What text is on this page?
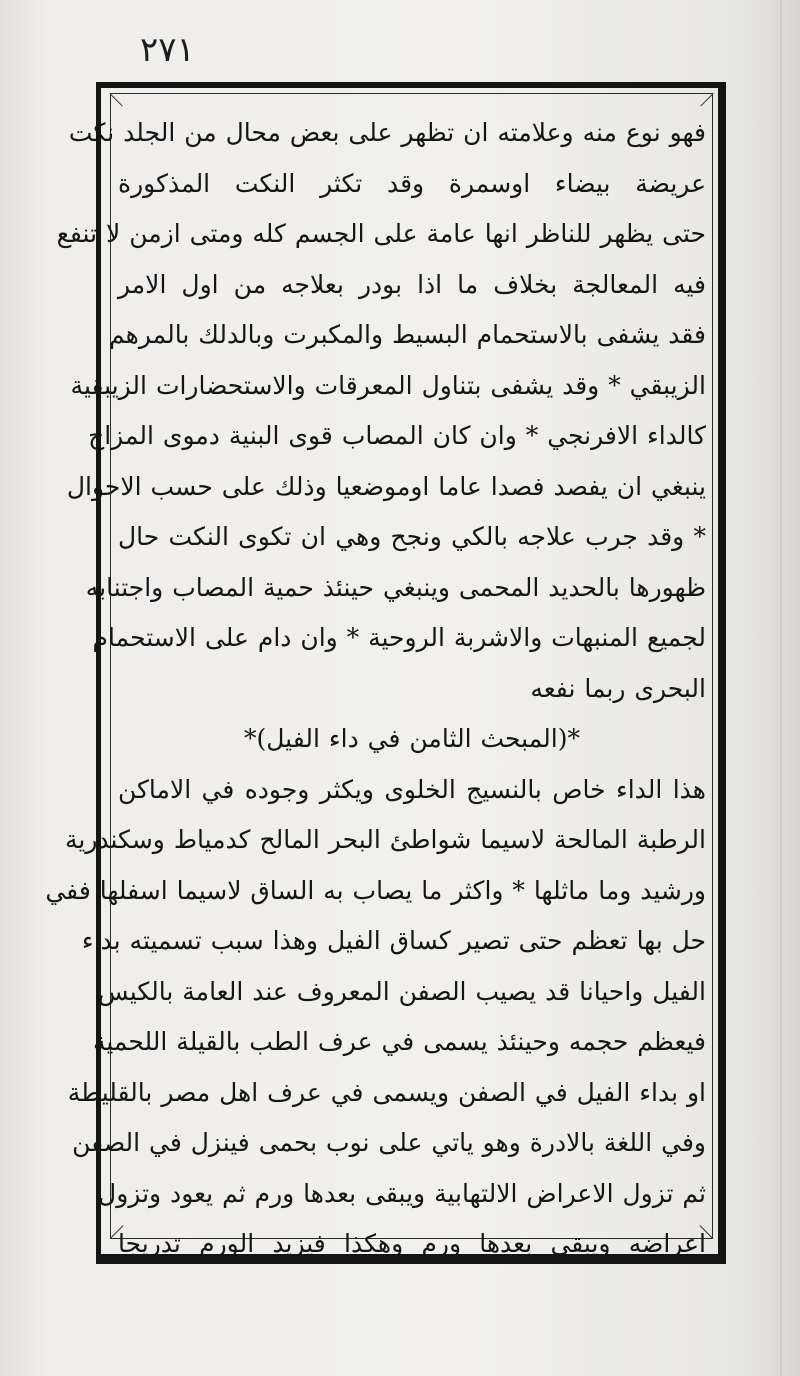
٢٧١
فهو نوع منه وعلامته ان تظهر على بعض محال من الجلد نكت
عريضة بيضاء اوسمرة وقد تكثر النكت المذكورة
حتى يظهر للناظر انها عامة على الجسم كله ومتى ازمن لا تنفع
فيه المعالجة بخلاف ما اذا بودر بعلاجه من اول الامر
فقد يشفى بالاستحمام البسيط والمكبرت وبالدلك بالمرهم
الزيبقي * وقد يشفى بتناول المعرقات والاستحضارات الزيبقية
كالداء الافرنجي * وان كان المصاب قوى البنية دموى المزاج
ينبغي ان يفصد فصدا عاما اوموضعيا وذلك على حسب الاحوال
* وقد جرب علاجه بالكي ونجح وهي ان تكوى النكت حال
ظهورها بالحديد المحمى وينبغي حينئذ حمية المصاب واجتنابه
لجميع المنبهات والاشربة الروحية * وان دام على الاستحمام
البحرى ربما نفعه
*(المبحث الثامن في داء الفيل)*
هذا الداء خاص بالنسيج الخلوى ويكثر وجوده في الاماكن
الرطبة المالحة لاسيما شواطئ البحر المالح كدمياط وسكندرية
ورشيد وما ماثلها * واكثر ما يصاب به الساق لاسيما اسفلها ففي
حل بها تعظم حتى تصير كساق الفيل وهذا سبب تسميته بداء
الفيل واحيانا قد يصيب الصفن المعروف عند العامة بالكيس
فيعظم حجمه وحينئذ يسمى في عرف الطب بالقيلة اللحمية
او بداء الفيل في الصفن ويسمى في عرف اهل مصر بالقليطة
وفي اللغة بالادرة وهو ياتي على نوب بحمى فينزل في الصفن
ثم تزول الاعراض الالتهابية ويبقى بعدها ورم ثم يعود وتزول
اعراضه ويبقى بعدها ورم وهكذا فيزيد الورم تدريجا
